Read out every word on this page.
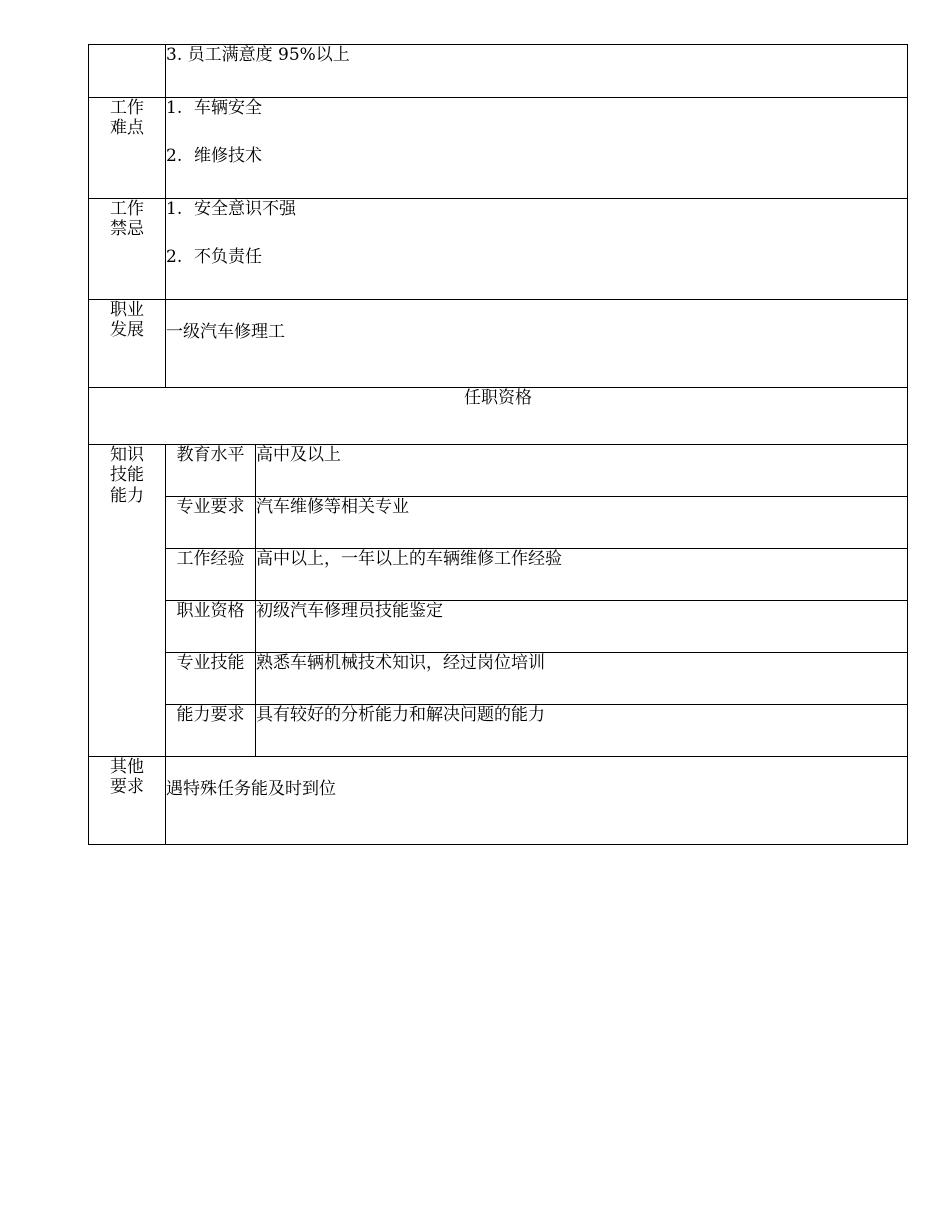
	3. 员工满意度 95%以上	

工作难点	1. 车辆安全
2. 维修技术	

工作禁忌	1. 安全意识不强
2. 不负责任	

职业发展	一级汽车修理工	

任职资格		

知识技能能力	教育水平	高中及以上
	专业要求	汽车维修等相关专业
	工作经验	高中以上，一年以上的车辆维修工作经验
	职业资格	初级汽车修理员技能鉴定
	专业技能	熟悉车辆机械技术知识，经过岗位培训
	能力要求	具有较好的分析能力和解决问题的能力

其他要求	遇特殊任务能及时到位	
